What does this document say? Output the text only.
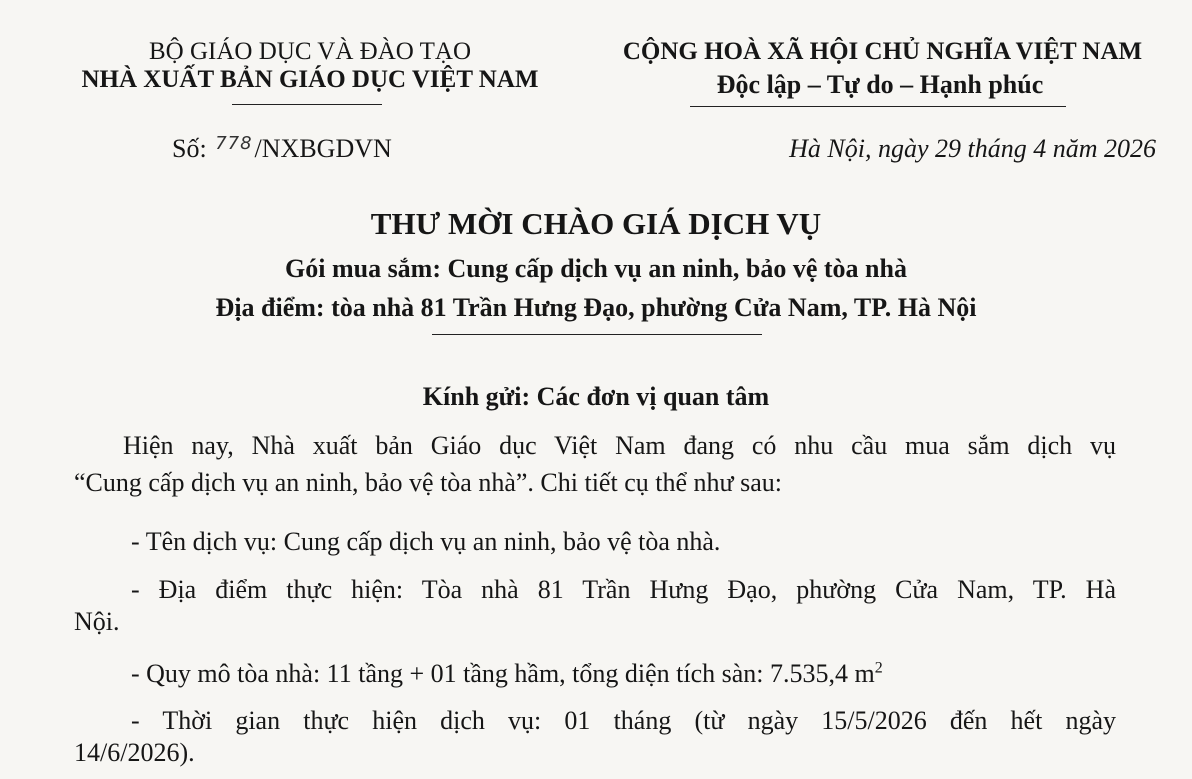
BỘ GIÁO DỤC VÀ ĐÀO TẠO
NHÀ XUẤT BẢN GIÁO DỤC VIỆT NAM
CỘNG HOÀ XÃ HỘI CHỦ NGHĨA VIỆT NAM
Độc lập – Tự do – Hạnh phúc
Số: $^{778}$/NXBGDVN	Hà Nội, ngày 29 tháng 4 năm 2026
THƯ MỜI CHÀO GIÁ DỊCH VỤ
Gói mua sắm: Cung cấp dịch vụ an ninh, bảo vệ tòa nhà
Địa điểm: tòa nhà 81 Trần Hưng Đạo, phường Cửa Nam, TP. Hà Nội
Kính gửi: Các đơn vị quan tâm
Hiện nay, Nhà xuất bản Giáo dục Việt Nam đang có nhu cầu mua sắm dịch vụ
“Cung cấp dịch vụ an ninh, bảo vệ tòa nhà”. Chi tiết cụ thể như sau:
- Tên dịch vụ: Cung cấp dịch vụ an ninh, bảo vệ tòa nhà.
- Địa điểm thực hiện: Tòa nhà 81 Trần Hưng Đạo, phường Cửa Nam, TP. Hà
Nội.
- Quy mô tòa nhà: 11 tầng + 01 tầng hầm, tổng diện tích sàn: 7.535,4 $m^2$
- Thời gian thực hiện dịch vụ: 01 tháng (từ ngày 15/5/2026 đến hết ngày
14/6/2026).
